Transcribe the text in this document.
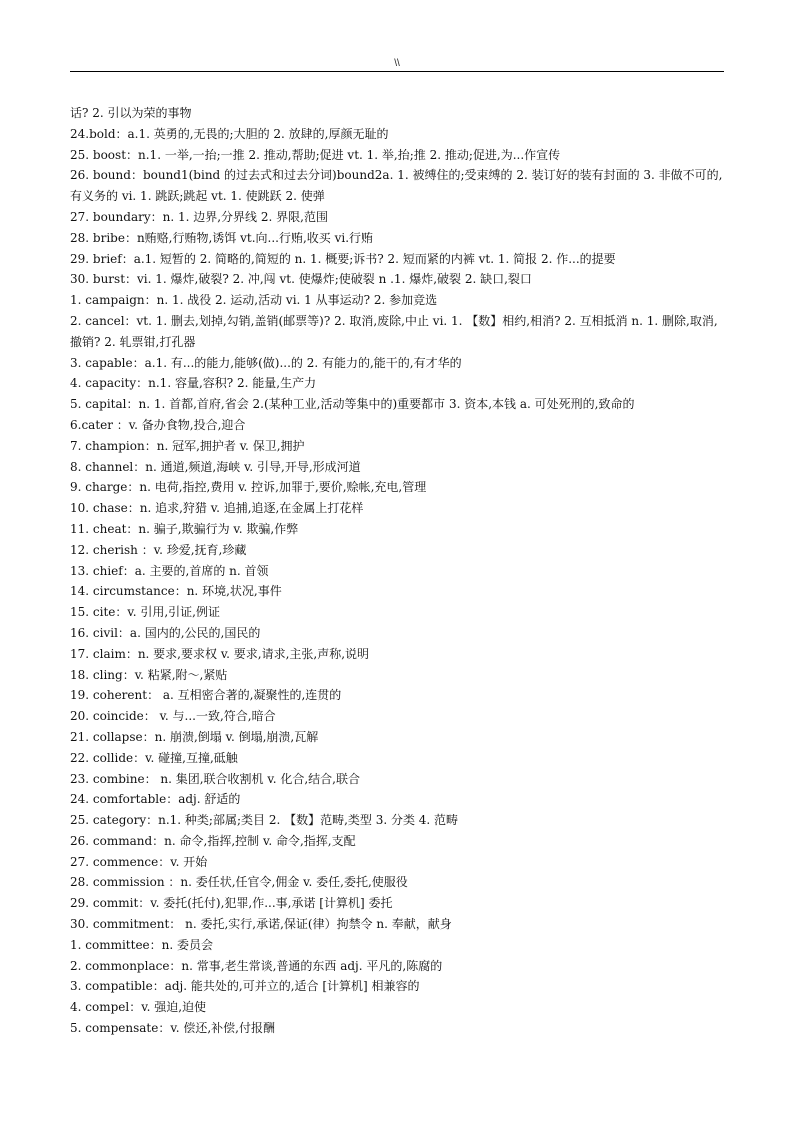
\\
话? 2. 引以为荣的事物
24.bold：a.1. 英勇的,无畏的;大胆的 2. 放肆的,厚颜无耻的
25. boost：n.1. 一举,一抬;一推 2. 推动,帮助;促进 vt. 1. 举,抬;推 2. 推动;促进,为...作宣传
26. bound：bound1(bind 的过去式和过去分词)bound2a. 1. 被缚住的;受束缚的 2. 装订好的装有封面的 3. 非做不可的,有义务的 vi. 1. 跳跃;跳起 vt. 1. 使跳跃 2. 使弹
27. boundary：n. 1. 边界,分界线 2. 界限,范围
28. bribe：n贿赂,行贿物,诱饵 vt.向...行贿,收买 vi.行贿
29. brief：a.1. 短暂的 2. 简略的,简短的 n. 1. 概要;诉书? 2. 短而紧的内裤 vt. 1. 简报 2. 作...的提要
30. burst：vi. 1. 爆炸,破裂? 2. 冲,闯 vt. 使爆炸;使破裂 n .1. 爆炸,破裂 2. 缺口,裂口
1. campaign：n. 1. 战役 2. 运动,活动 vi. 1 从事运动? 2. 参加竞选
2. cancel：vt. 1. 删去,划掉,勾销,盖销(邮票等)? 2. 取消,废除,中止 vi. 1. 【数】相约,相消? 2. 互相抵消 n. 1. 删除,取消,撤销? 2. 轧票钳,打孔器
3. capable：a.1. 有...的能力,能够(做)...的 2. 有能力的,能干的,有才华的
4. capacity：n.1. 容量,容积? 2. 能量,生产力
5. capital：n. 1. 首都,首府,省会 2.(某种工业,活动等集中的)重要都市 3. 资本,本钱 a. 可处死刑的,致命的
6.cater ：v. 备办食物,投合,迎合
7. champion：n. 冠军,拥护者 v. 保卫,拥护
8. channel：n. 通道,频道,海峡 v. 引导,开导,形成河道
9. charge：n. 电荷,指控,费用 v. 控诉,加罪于,要价,赊帐,充电,管理
10. chase：n. 追求,狩猎 v. 追捕,追逐,在金属上打花样
11. cheat：n. 骗子,欺骗行为 v. 欺骗,作弊
12. cherish ：v. 珍爱,抚育,珍藏
13. chief：a. 主要的,首席的 n. 首领
14. circumstance：n. 环境,状况,事件
15. cite：v. 引用,引证,例证
16. civil：a. 国内的,公民的,国民的
17. claim：n. 要求,要求权 v. 要求,请求,主张,声称,说明
18. cling：v. 粘紧,附～,紧贴
19. coherent： a. 互相密合著的,凝聚性的,连贯的
20. coincide： v. 与...一致,符合,暗合
21. collapse：n. 崩溃,倒塌 v. 倒塌,崩溃,瓦解
22. collide：v. 碰撞,互撞,砥触
23. combine： n. 集团,联合收割机 v. 化合,结合,联合
24. comfortable：adj. 舒适的
25. category：n.1. 种类;部属;类目 2. 【数】范畴,类型 3. 分类 4. 范畴
26. command：n. 命令,指挥,控制 v. 命令,指挥,支配
27. commence：v. 开始
28. commission ：n. 委任状,任官令,佣金 v. 委任,委托,使服役
29. commit：v. 委托(托付),犯罪,作...事,承诺 [计算机] 委托
30. commitment： n. 委托,实行,承诺,保证(律）拘禁令 n. 奉献，献身
1. committee：n. 委员会
2. commonplace：n. 常事,老生常谈,普通的东西 adj. 平凡的,陈腐的
3. compatible：adj. 能共处的,可并立的,适合 [计算机] 相兼容的
4. compel：v. 强迫,迫使
5. compensate：v. 偿还,补偿,付报酬
